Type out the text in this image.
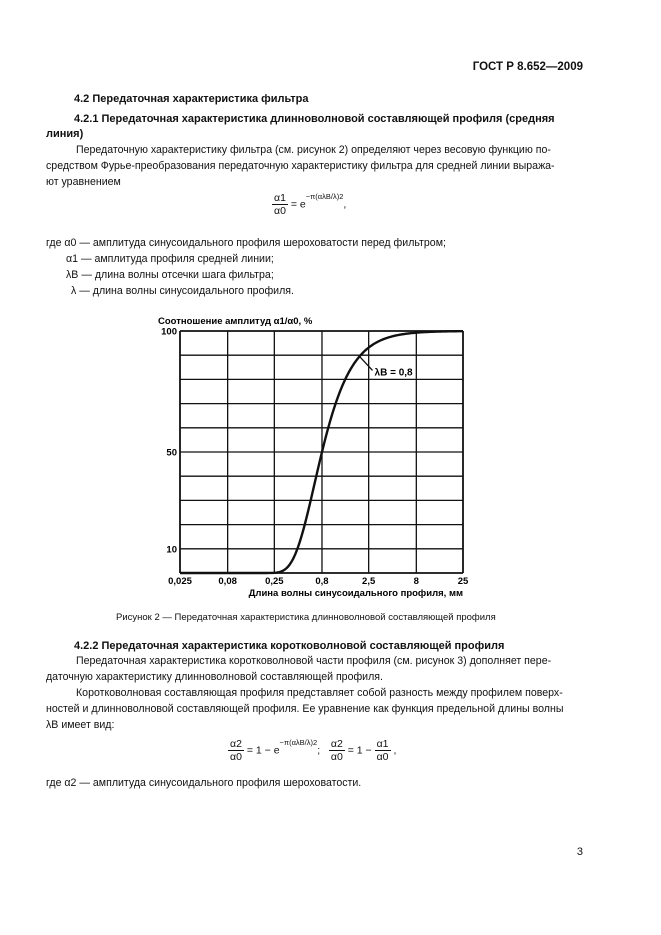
ГОСТ Р 8.652—2009
4.2 Передаточная характеристика фильтра
4.2.1 Передаточная характеристика длинноволновой составляющей профиля (средняя
линия)
Передаточную характеристику фильтра (см. рисунок 2) определяют через весовую функцию по-
средством Фурье-преобразования передаточную характеристику фильтра для средней линии выража-
ют уравнением
$\frac{\alpha 1}{\alpha 0} = e^{-\pi(\alpha\lambda B/\lambda)2}$,
где α0 — амплитуда синусоидального профиля шероховатости перед фильтром;
α1 — амплитуда профиля средней линии;
λB — длина волны отсечки шага фильтра;
λ — длина волны синусоидального профиля.
100
50
10
0,025	0,08	0,25	0,8	2,5	8	25
λB = 0,8
Соотношение амплитуд α1/α0, %
Длина волны синусоидального профиля, мм
Рисунок 2 — Передаточная характеристика длинноволновой составляющей профиля
4.2.2 Передаточная характеристика коротковолновой составляющей профиля
Передаточная характеристика коротковолновой части профиля (см. рисунок 3) дополняет пере-
даточную характеристику длинноволновой составляющей профиля.
Коротковолновая составляющая профиля представляет собой разность между профилем поверх-
ностей и длинноволновой составляющей профиля. Ее уравнение как функция предельной длины волны
λB имеет вид:
$\frac{\alpha 2}{\alpha 0} = 1 - e^{-\pi(\alpha\lambda B/\lambda)2}$; $\frac{\alpha 2}{\alpha 0} = 1 - \frac{\alpha 1}{\alpha 0}$ ,
где α2 — амплитуда синусоидального профиля шероховатости.
3
